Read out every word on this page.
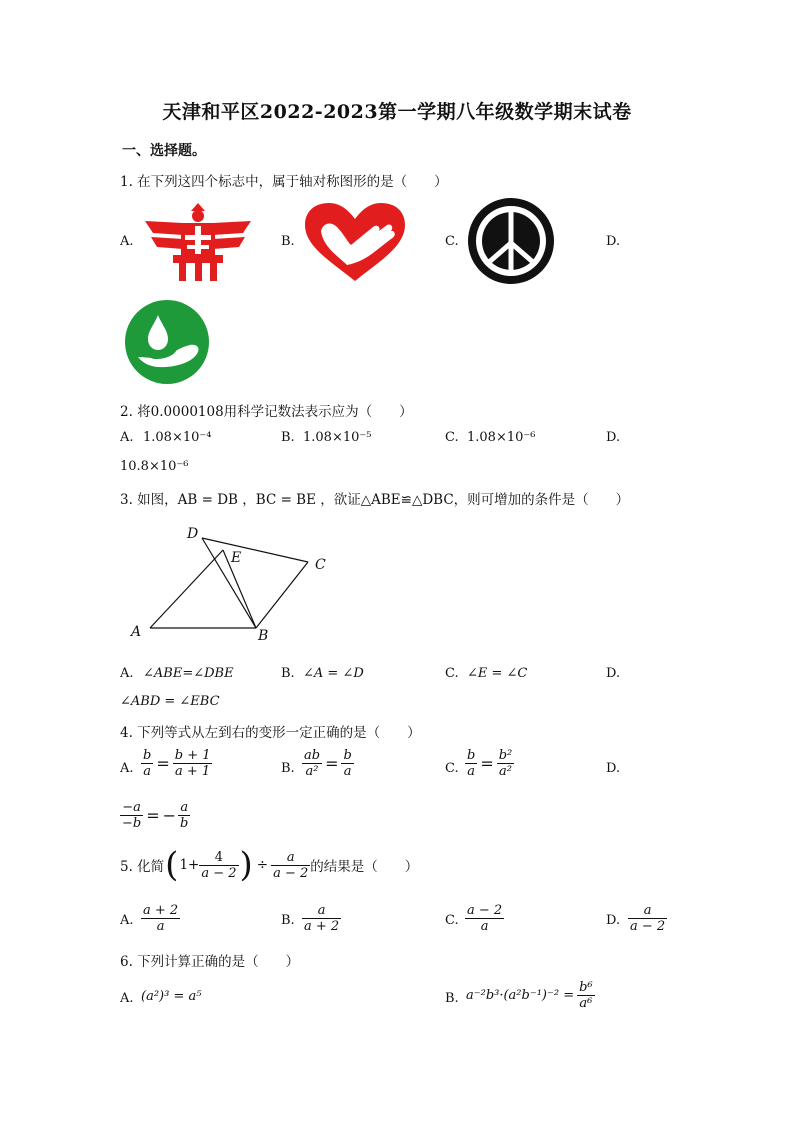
天津和平区2022-2023第一学期八年级数学期末试卷
一、选择题。
1. 在下列这四个标志中，属于轴对称图形的是（　　）
A.	B.	C.	D.
2. 将0.0000108用科学记数法表示应为（　　）
A. 1.08×10⁻⁴	B. 1.08×10⁻⁵	C. 1.08×10⁻⁶	D.
10.8×10⁻⁶
3. 如图，AB = DB ，BC = BE ，欲证△ABE≌△DBC，则可增加的条件是（　　）
D
E	C
A	B
A. ∠ABE=∠DBE	B. ∠A = ∠D	C. ∠E = ∠C	D.
∠ABD = ∠EBC
4. 下列等式从左到右的变形一定正确的是（　　）
A. $\frac{b}{a} = \frac{b + 1}{a + 1}$	B. $\frac{ab}{\text{a²}} = \frac{b}{a}$	C. $\frac{b}{a} = \frac{\text{b²}}{\text{a²}}$	D.
$\frac{-a}{-b}$ = − $\frac{a}{b}$
5. 化简 ( $1+ \frac{4}{a - 2}$ ) ÷ $\frac{a}{a - 2}$ 的结果是（　　）
A. $\frac{a + 2}{a}$	B. $\frac{a}{a + 2}$	C. $\frac{a - 2}{a}$	D. $\frac{a}{a - 2}$
6. 下列计算正确的是（　　）
A. (a²)³ = a⁵	B. $a^{-2}b^3\cdot(a^2b^{-1})^{-2} = \frac{\text{b⁶}}{\text{a⁶}}$
